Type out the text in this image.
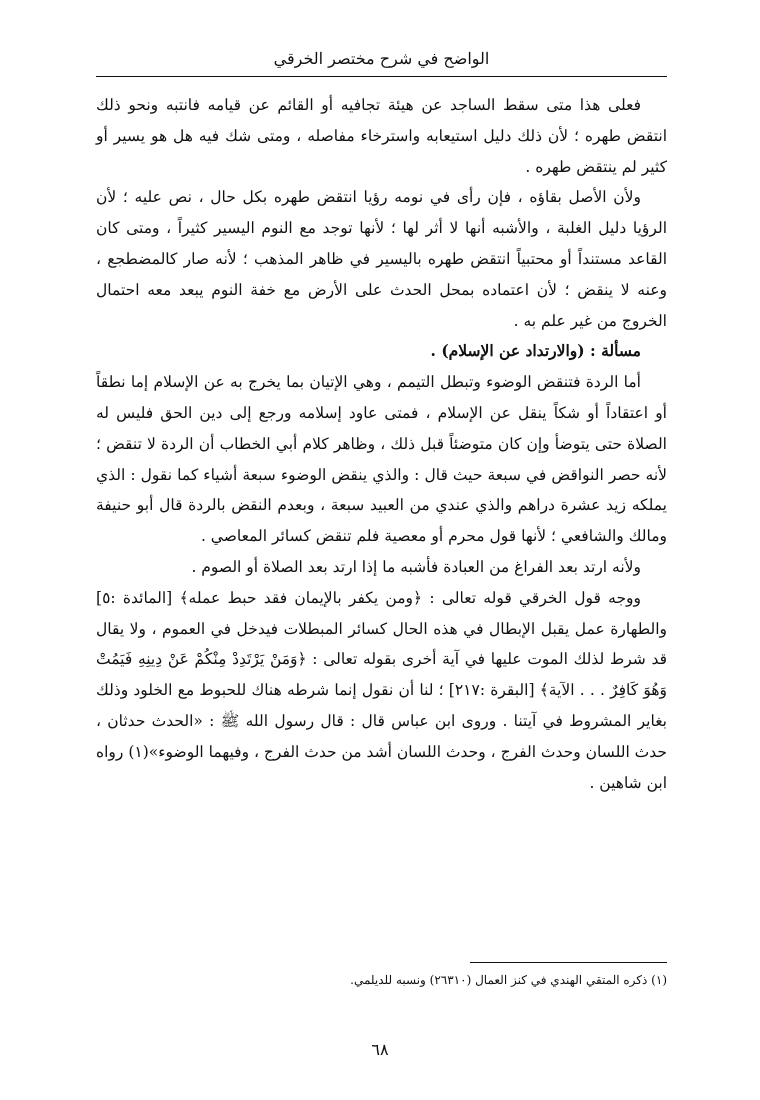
الواضح في شرح مختصر الخرقي

فعلى هذا متى سقط الساجد عن هيئة تجافيه أو القائم عن قيامه فانتبه ونحو ذلك انتقض طهره ؛ لأن ذلك دليل استيعابه واسترخاء مفاصله ، ومتى شك فيه هل هو يسير أو كثير لم ينتقض طهره .

ولأن الأصل بقاؤه ، فإن رأى في نومه رؤيا انتقض طهره بكل حال ، نص عليه ؛ لأن الرؤيا دليل الغلبة ، والأشبه أنها لا أثر لها ؛ لأنها توجد مع النوم اليسير كثيراً ، ومتى كان القاعد مستنداً أو محتبياً انتقض طهره باليسير في ظاهر المذهب ؛ لأنه صار كالمضطجع ، وعنه لا ينقض ؛ لأن اعتماده بمحل الحدث على الأرض مع خفة النوم يبعد معه احتمال الخروج من غير علم به .

مسألة : (والارتداد عن الإسلام) .

أما الردة فتنقض الوضوء وتبطل التيمم ، وهي الإتيان بما يخرج به عن الإسلام إما نطقاً أو اعتقاداً أو شكاً ينقل عن الإسلام ، فمتى عاود إسلامه ورجع إلى دين الحق فليس له الصلاة حتى يتوضأ وإن كان متوضئاً قبل ذلك ، وظاهر كلام أبي الخطاب أن الردة لا تنقض ؛ لأنه حصر النواقض في سبعة حيث قال : والذي ينقض الوضوء سبعة أشياء كما نقول : الذي يملكه زيد عشرة دراهم والذي عندي من العبيد سبعة ، وبعدم النقض بالردة قال أبو حنيفة ومالك والشافعي ؛ لأنها قول محرم أو معصية فلم تنقض كسائر المعاصي .

ولأنه ارتد بعد الفراغ من العبادة فأشبه ما إذا ارتد بعد الصلاة أو الصوم .

ووجه قول الخرقي قوله تعالى : ﴿ومن يكفر بالإيمان فقد حبط عمله﴾ [المائدة :٥] والطهارة عمل يقبل الإبطال في هذه الحال كسائر المبطلات فيدخل في العموم ، ولا يقال قد شرط لذلك الموت عليها في آية أخرى بقوله تعالى : ﴿وَمَنْ يَرْتَدِدْ مِنْكُمْ عَنْ دِينِهِ فَيَمُتْ وَهُوَ كَافِرٌ . . . الآية﴾ [البقرة :٢١٧] ؛ لنا أن نقول إنما شرطه هناك للحبوط مع الخلود وذلك بغاير المشروط في آيتنا . وروى ابن عباس قال : قال رسول الله ﷺ : «الحدث حدثان ، حدث اللسان وحدث الفرج ، وحدث اللسان أشد من حدث الفرج ، وفيهما الوضوء»(١) رواه ابن شاهين .

(١) ذكره المتقي الهندي في كنز العمال (٢٦٣١٠) ونسبه للديلمي.
٦٨
